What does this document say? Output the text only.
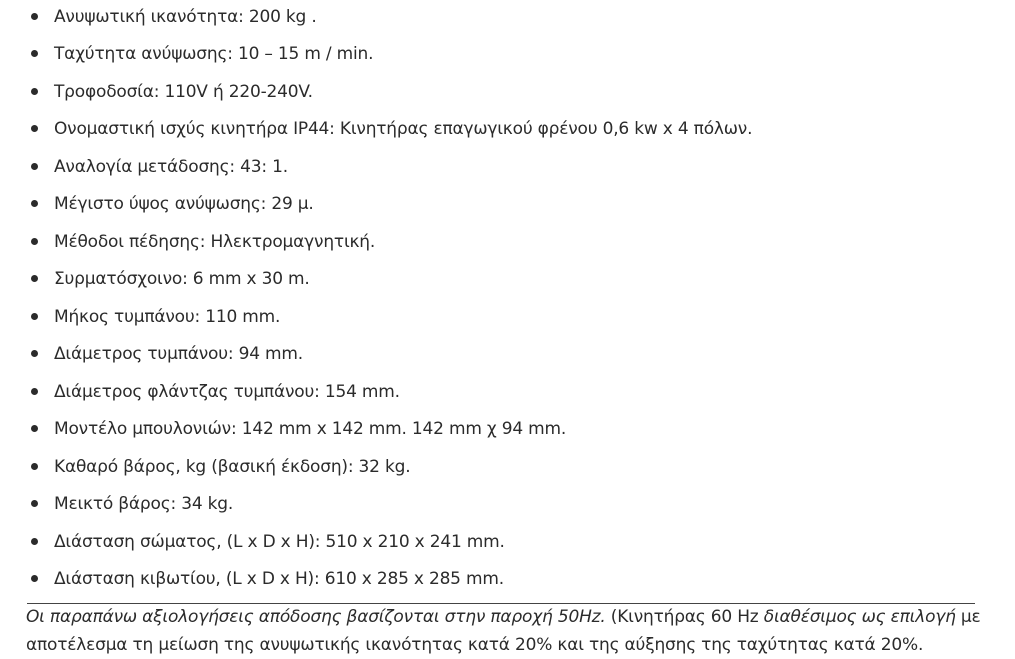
Ανυψωτική ικανότητα: 200 kg .
Ταχύτητα ανύψωσης: 10 – 15 m / min.
Τροφοδοσία: 110V ή 220-240V.
Ονομαστική ισχύς κινητήρα IP44: Κινητήρας επαγωγικού φρένου 0,6 kw x 4 πόλων.
Αναλογία μετάδοσης: 43: 1.
Μέγιστο ύψος ανύψωσης: 29 μ.
Μέθοδοι πέδησης: Ηλεκτρομαγνητική.
Συρματόσχοινο: 6 mm x 30 m.
Μήκος τυμπάνου: 110 mm.
Διάμετρος τυμπάνου: 94 mm.
Διάμετρος φλάντζας τυμπάνου: 154 mm.
Μοντέλο μπουλονιών: 142 mm x 142 mm. 142 mm χ 94 mm.
Καθαρό βάρος, kg (βασική έκδοση): 32 kg.
Μεικτό βάρος: 34 kg.
Διάσταση σώματος, (L x D x H): 510 x 210 x 241 mm.
Διάσταση κιβωτίου, (L x D x H): 610 x 285 x 285 mm.

Οι παραπάνω αξιολογήσεις απόδοσης βασίζονται στην παροχή 50Hz. (Κινητήρας 60 Hz διαθέσιμος ως επιλογή με αποτέλεσμα τη μείωση της ανυψωτικής ικανότητας κατά 20% και της αύξησης της ταχύτητας κατά 20%.
